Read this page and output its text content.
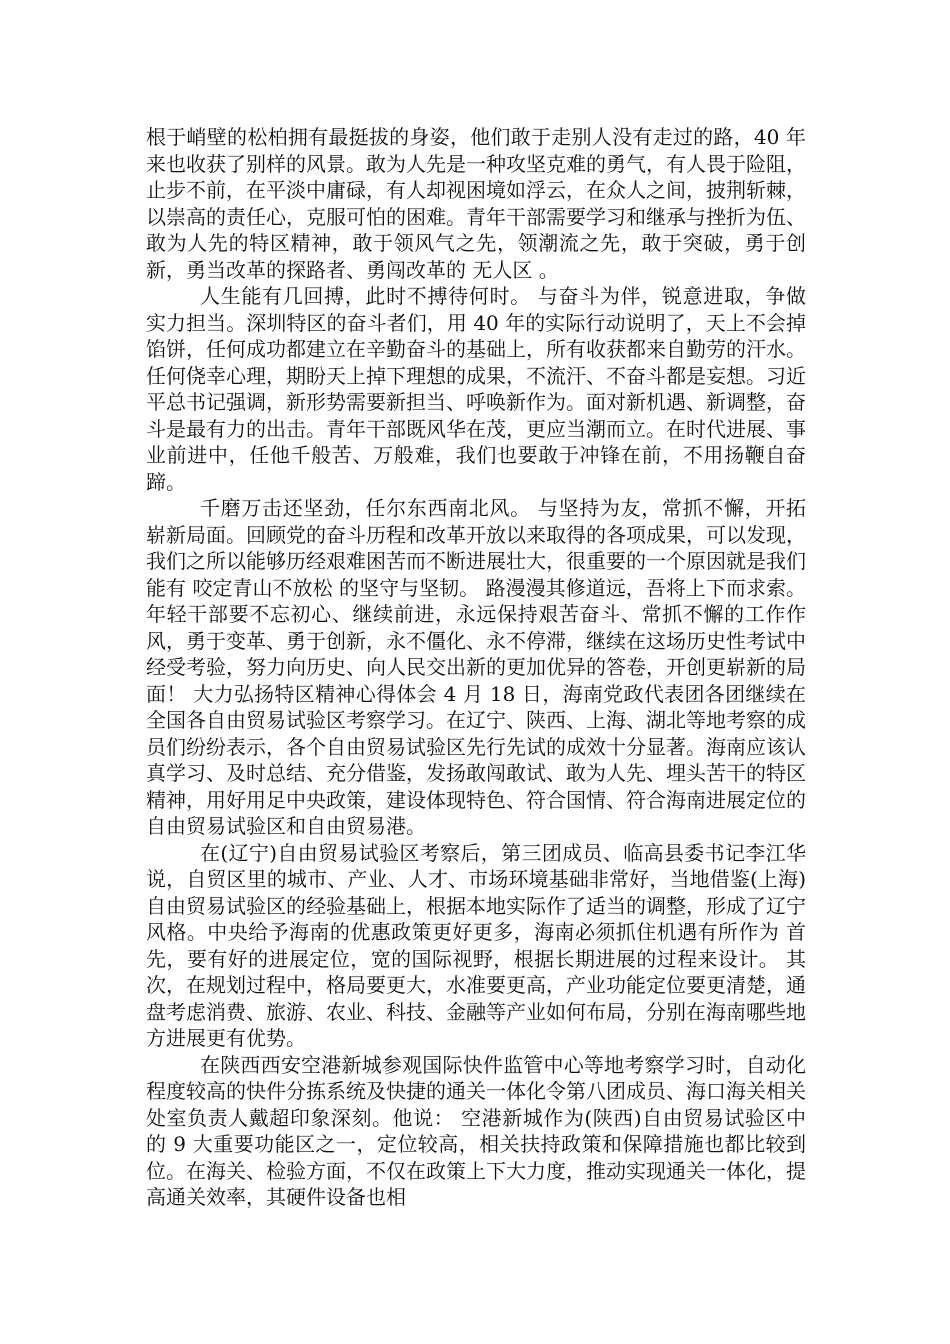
根于峭壁的松柏拥有最挺拔的身姿，他们敢于走别人没有走过的路，40 年来也收获了别样的风景。敢为人先是一种攻坚克难的勇气，有人畏于险阻，止步不前，在平淡中庸碌，有人却视困境如浮云，在众人之间，披荆斩棘，以崇高的责任心，克服可怕的困难。青年干部需要学习和继承与挫折为伍、敢为人先的特区精神，敢于领风气之先，领潮流之先，敢于突破，勇于创新，勇当改革的探路者、勇闯改革的 无人区 。

人生能有几回搏，此时不搏待何时。 与奋斗为伴，锐意进取，争做实力担当。深圳特区的奋斗者们，用 40 年的实际行动说明了，天上不会掉馅饼，任何成功都建立在辛勤奋斗的基础上，所有收获都来自勤劳的汗水。任何侥幸心理，期盼天上掉下理想的成果，不流汗、不奋斗都是妄想。习近平总书记强调，新形势需要新担当、呼唤新作为。面对新机遇、新调整，奋斗是最有力的出击。青年干部既风华在茂，更应当潮而立。在时代进展、事业前进中，任他千般苦、万般难，我们也要敢于冲锋在前，不用扬鞭自奋蹄。

千磨万击还坚劲，任尔东西南北风。 与坚持为友，常抓不懈，开拓崭新局面。回顾党的奋斗历程和改革开放以来取得的各项成果，可以发现，我们之所以能够历经艰难困苦而不断进展壮大，很重要的一个原因就是我们能有 咬定青山不放松 的坚守与坚韧。 路漫漫其修道远，吾将上下而求索。 年轻干部要不忘初心、继续前进，永远保持艰苦奋斗、常抓不懈的工作作风，勇于变革、勇于创新，永不僵化、永不停滞，继续在这场历史性考试中经受考验，努力向历史、向人民交出新的更加优异的答卷，开创更崭新的局面！ 大力弘扬特区精神心得体会 4 月 18 日，海南党政代表团各团继续在全国各自由贸易试验区考察学习。在辽宁、陕西、上海、湖北等地考察的成员们纷纷表示，各个自由贸易试验区先行先试的成效十分显著。海南应该认真学习、及时总结、充分借鉴，发扬敢闯敢试、敢为人先、埋头苦干的特区精神，用好用足中央政策，建设体现特色、符合国情、符合海南进展定位的自由贸易试验区和自由贸易港。

在(辽宁)自由贸易试验区考察后，第三团成员、临高县委书记李江华说，自贸区里的城市、产业、人才、市场环境基础非常好，当地借鉴(上海)自由贸易试验区的经验基础上，根据本地实际作了适当的调整，形成了辽宁风格。中央给予海南的优惠政策更好更多，海南必须抓住机遇有所作为 首先，要有好的进展定位，宽的国际视野，根据长期进展的过程来设计。 其次，在规划过程中，格局要更大，水准要更高，产业功能定位要更清楚，通盘考虑消费、旅游、农业、科技、金融等产业如何布局，分别在海南哪些地方进展更有优势。

在陕西西安空港新城参观国际快件监管中心等地考察学习时，自动化程度较高的快件分拣系统及快捷的通关一体化令第八团成员、海口海关相关处室负责人戴超印象深刻。他说： 空港新城作为(陕西)自由贸易试验区中的 9 大重要功能区之一，定位较高，相关扶持政策和保障措施也都比较到位。在海关、检验方面，不仅在政策上下大力度，推动实现通关一体化，提高通关效率，其硬件设备也相
